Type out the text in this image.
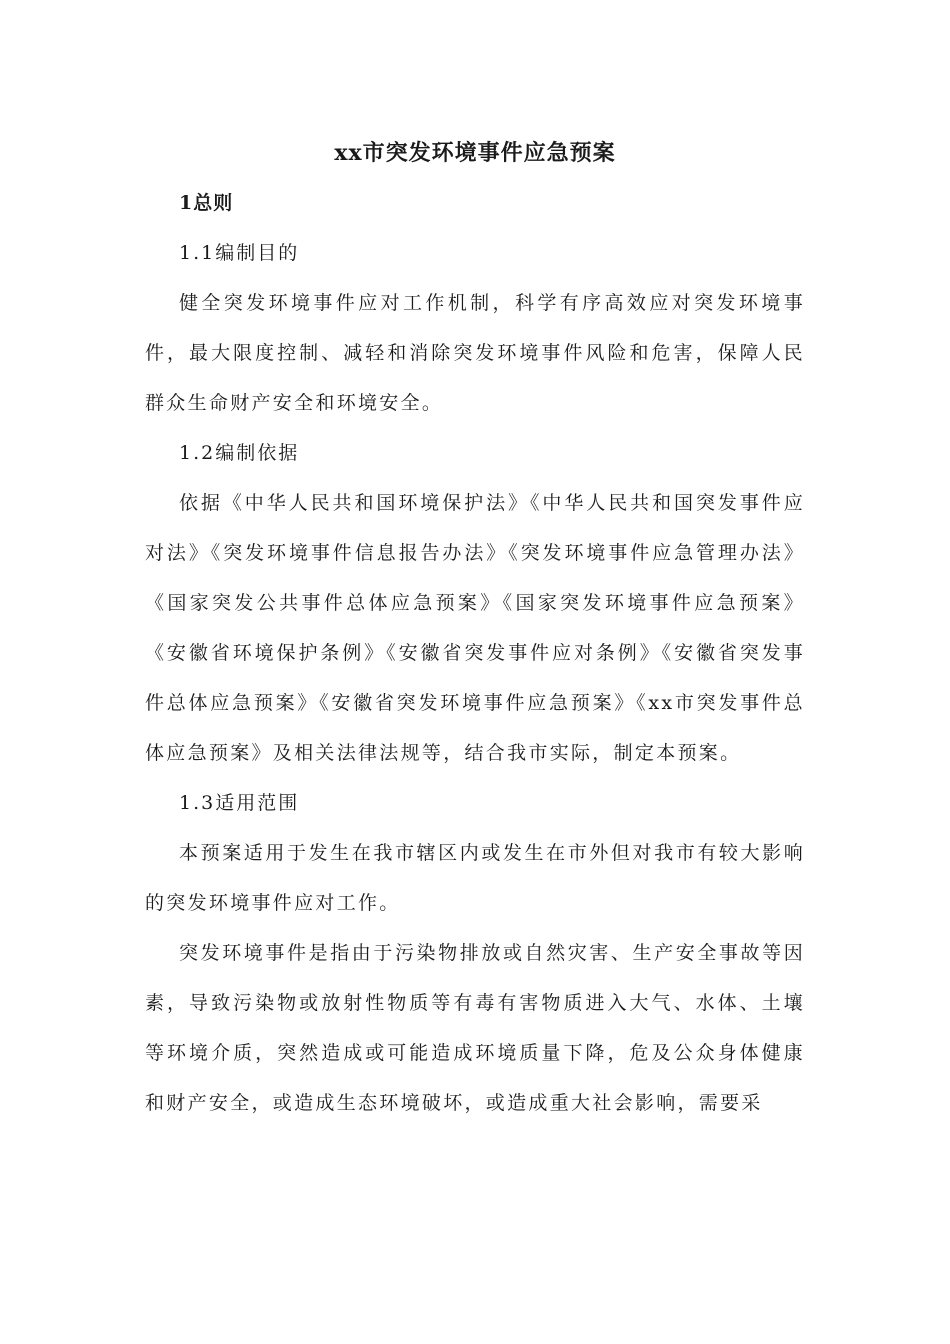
xx市突发环境事件应急预案
1总则
1.1编制目的

健全突发环境事件应对工作机制，科学有序高效应对突发环境事件，最大限度控制、减轻和消除突发环境事件风险和危害，保障人民群众生命财产安全和环境安全。

1.2编制依据

依据《中华人民共和国环境保护法》《中华人民共和国突发事件应对法》《突发环境事件信息报告办法》《突发环境事件应急管理办法》《国家突发公共事件总体应急预案》《国家突发环境事件应急预案》《安徽省环境保护条例》《安徽省突发事件应对条例》《安徽省突发事件总体应急预案》《安徽省突发环境事件应急预案》《xx市突发事件总体应急预案》及相关法律法规等，结合我市实际，制定本预案。

1.3适用范围

本预案适用于发生在我市辖区内或发生在市外但对我市有较大影响的突发环境事件应对工作。

突发环境事件是指由于污染物排放或自然灾害、生产安全事故等因素，导致污染物或放射性物质等有毒有害物质进入大气、水体、土壤等环境介质，突然造成或可能造成环境质量下降，危及公众身体健康和财产安全，或造成生态环境破坏，或造成重大社会影响，需要采
